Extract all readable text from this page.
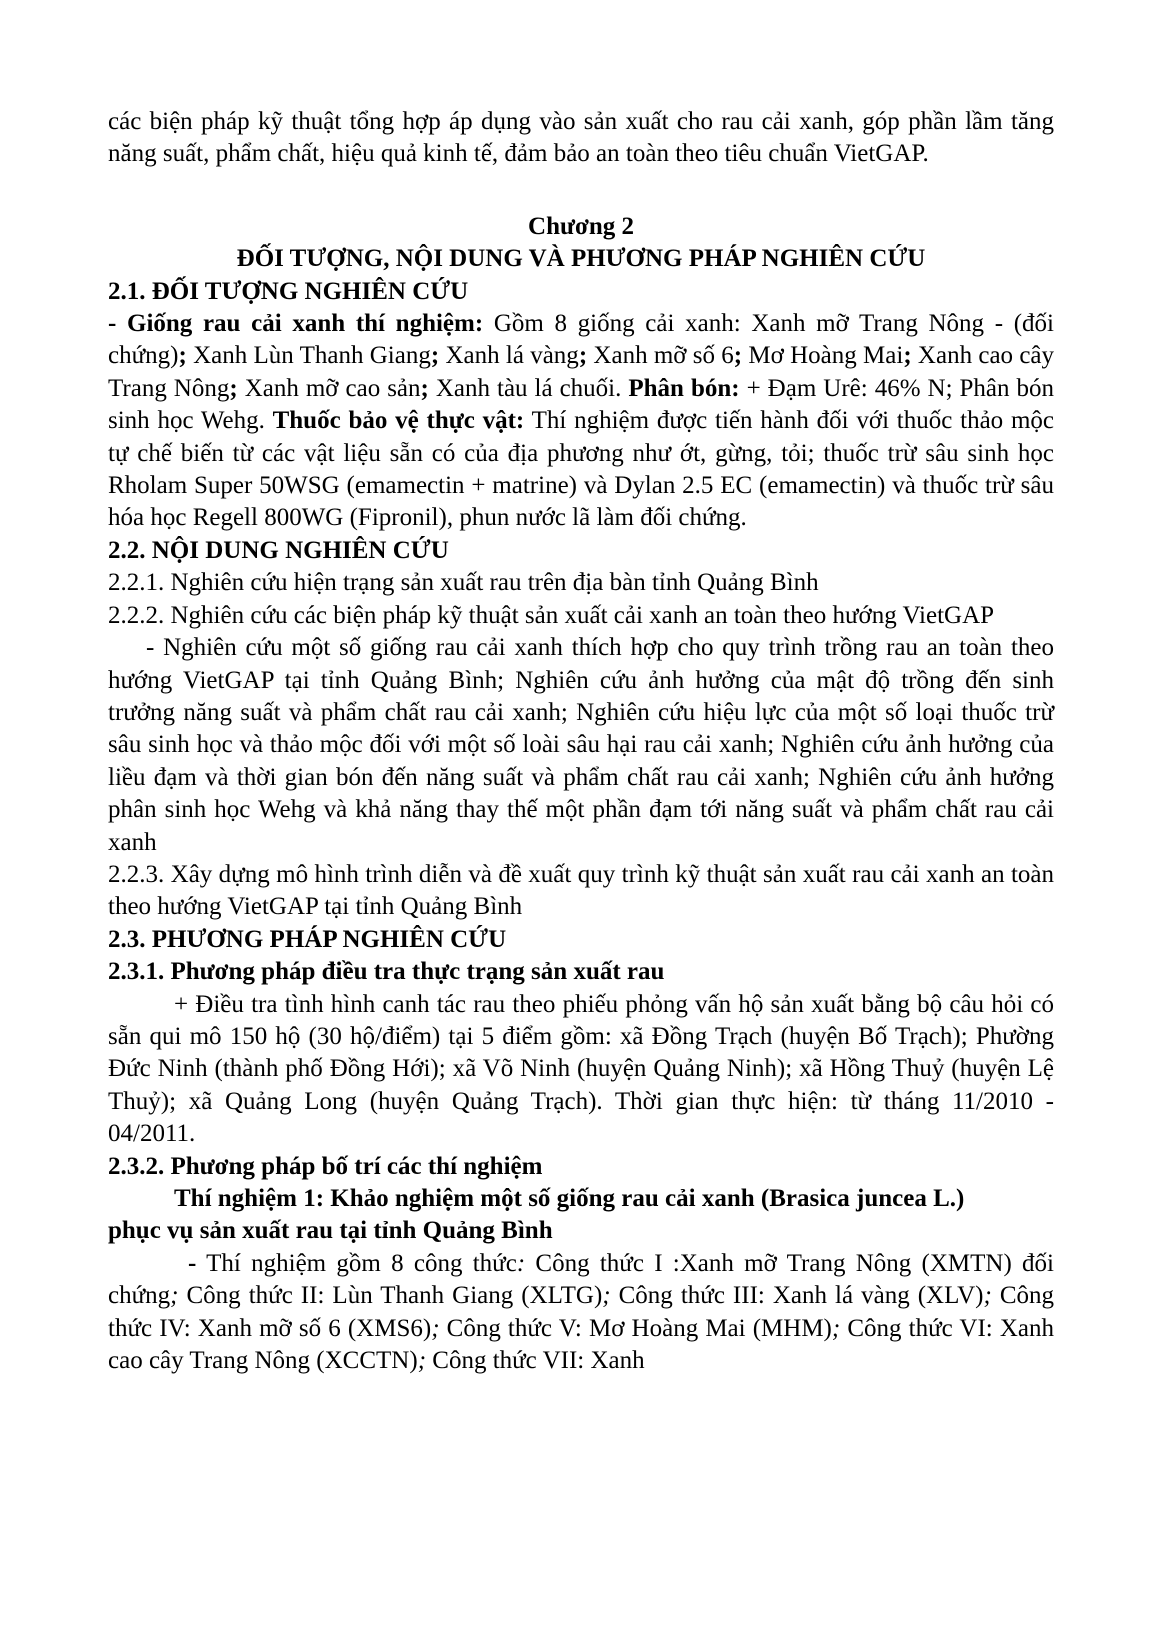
các biện pháp kỹ thuật tổng hợp áp dụng vào sản xuất cho rau cải xanh, góp phần lầm tăng năng suất, phẩm chất, hiệu quả kinh tế, đảm bảo an toàn theo tiêu chuẩn VietGAP.

Chương 2

ĐỐI TƯỢNG, NỘI DUNG VÀ PHƯƠNG PHÁP NGHIÊN CỨU

2.1. ĐỐI TƯỢNG NGHIÊN CỨU

- Giống rau cải xanh thí nghiệm: Gồm 8 giống cải xanh: Xanh mỡ Trang Nông - (đối chứng); Xanh Lùn Thanh Giang; Xanh lá vàng; Xanh mỡ số 6; Mơ Hoàng Mai; Xanh cao cây Trang Nông; Xanh mỡ cao sản; Xanh tàu lá chuối. Phân bón: + Đạm Urê: 46% N; Phân bón sinh học Wehg. Thuốc bảo vệ thực vật: Thí nghiệm được tiến hành đối với thuốc thảo mộc tự chế biến từ các vật liệu sẵn có của địa phương như ớt, gừng, tỏi; thuốc trừ sâu sinh học Rholam Super 50WSG (emamectin + matrine) và Dylan 2.5 EC (emamectin) và thuốc trừ sâu hóa học Regell 800WG (Fipronil), phun nước lã làm đối chứng.

2.2. NỘI DUNG NGHIÊN CỨU

2.2.1. Nghiên cứu hiện trạng sản xuất rau trên địa bàn tỉnh Quảng Bình

2.2.2. Nghiên cứu các biện pháp kỹ thuật sản xuất cải xanh an toàn theo hướng VietGAP

- Nghiên cứu một số giống rau cải xanh thích hợp cho quy trình trồng rau an toàn theo hướng VietGAP tại tỉnh Quảng Bình; Nghiên cứu ảnh hưởng của mật độ trồng đến sinh trưởng năng suất và phẩm chất rau cải xanh; Nghiên cứu hiệu lực của một số loại thuốc trừ sâu sinh học và thảo mộc đối với một số loài sâu hại rau cải xanh; Nghiên cứu ảnh hưởng của liều đạm và thời gian bón đến năng suất và phẩm chất rau cải xanh; Nghiên cứu ảnh hưởng phân sinh học Wehg và khả năng thay thế một phần đạm tới năng suất và phẩm chất rau cải xanh

2.2.3. Xây dựng mô hình trình diễn và đề xuất quy trình kỹ thuật sản xuất rau cải xanh an toàn theo hướng VietGAP tại tỉnh Quảng Bình

2.3. PHƯƠNG PHÁP NGHIÊN CỨU

2.3.1. Phương pháp điều tra thực trạng sản xuất rau

+ Điều tra tình hình canh tác rau theo phiếu phỏng vấn hộ sản xuất bằng bộ câu hỏi có sẵn qui mô 150 hộ (30 hộ/điểm) tại 5 điểm gồm: xã Đồng Trạch (huyện Bố Trạch); Phường Đức Ninh (thành phố Đồng Hới); xã Võ Ninh (huyện Quảng Ninh); xã Hồng Thuỷ (huyện Lệ Thuỷ); xã Quảng Long (huyện Quảng Trạch). Thời gian thực hiện: từ tháng 11/2010 - 04/2011.

2.3.2. Phương pháp bố trí các thí nghiệm

Thí nghiệm 1: Khảo nghiệm một số giống rau cải xanh (Brasica juncea L.)

phục vụ sản xuất rau tại tỉnh Quảng Bình

- Thí nghiệm gồm 8 công thức: Công thức I :Xanh mỡ Trang Nông (XMTN) đối chứng; Công thức II: Lùn Thanh Giang (XLTG); Công thức III: Xanh lá vàng (XLV); Công thức IV: Xanh mỡ số 6 (XMS6); Công thức V: Mơ Hoàng Mai (MHM); Công thức VI: Xanh cao cây Trang Nông (XCCTN); Công thức VII: Xanh
